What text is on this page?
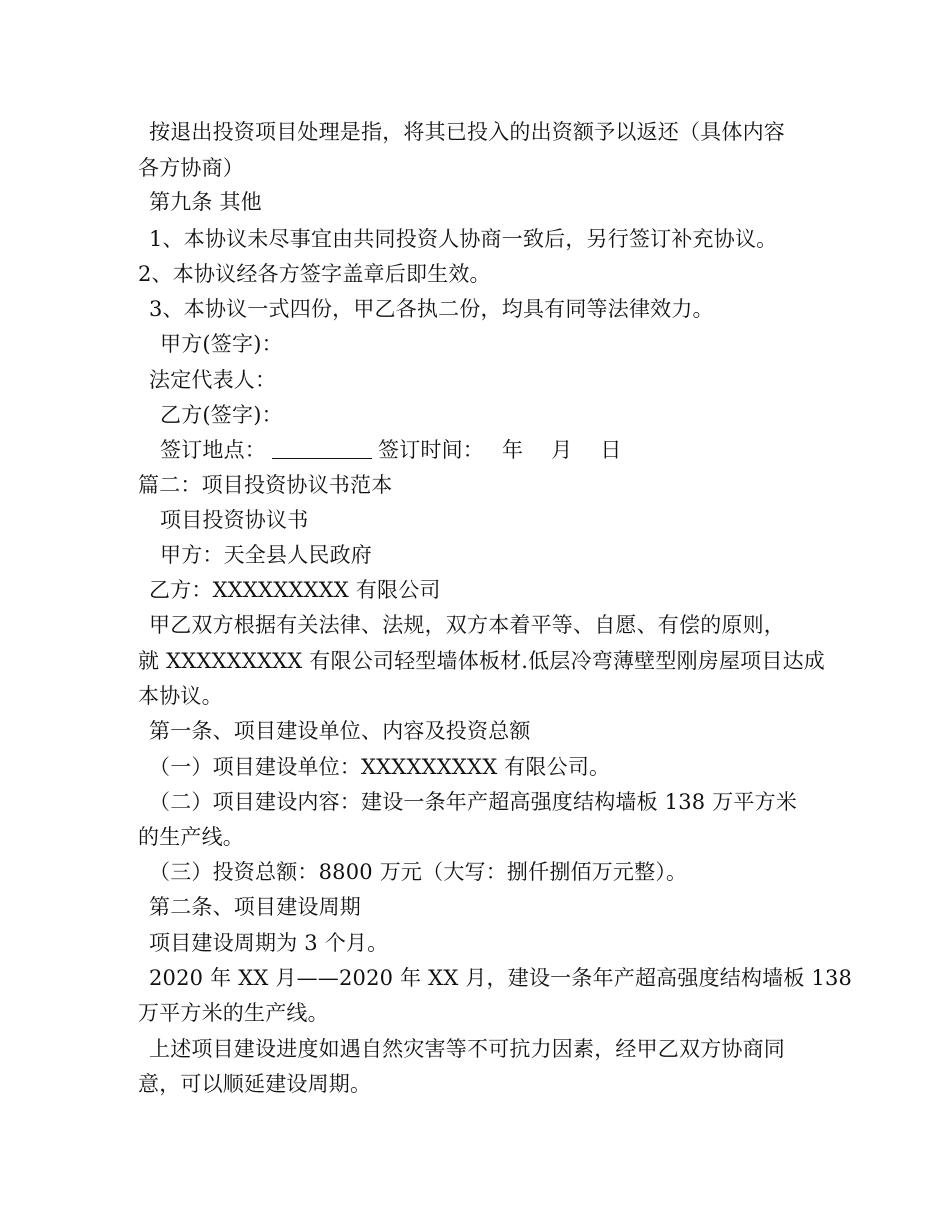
按退出投资项目处理是指，将其已投入的出资额予以返还（具体内容
各方协商）
第九条 其他
1、本协议未尽事宜由共同投资人协商一致后，另行签订补充协议。
2、本协议经各方签字盖章后即生效。
3、本协议一式四份，甲乙各执二份，均具有同等法律效力。
甲方(签字)：
法定代表人：
乙方(签字)：
签订地点：	签订时间： 年 月 日
篇二：项目投资协议书范本
项目投资协议书
甲方：天全县人民政府
乙方：XXXXXXXXX 有限公司
甲乙双方根据有关法律、法规，双方本着平等、自愿、有偿的原则，
就 XXXXXXXXX 有限公司轻型墙体板材.低层冷弯薄壁型刚房屋项目达成
本协议。
第一条、项目建设单位、内容及投资总额
（一）项目建设单位：XXXXXXXXX 有限公司。
（二）项目建设内容：建设一条年产超高强度结构墙板 138 万平方米
的生产线。
（三）投资总额：8800 万元（大写：捌仟捌佰万元整）。
第二条、项目建设周期
项目建设周期为 3 个月。
2020 年 XX 月——2020 年 XX 月，建设一条年产超高强度结构墙板 138
万平方米的生产线。
上述项目建设进度如遇自然灾害等不可抗力因素，经甲乙双方协商同
意，可以顺延建设周期。
